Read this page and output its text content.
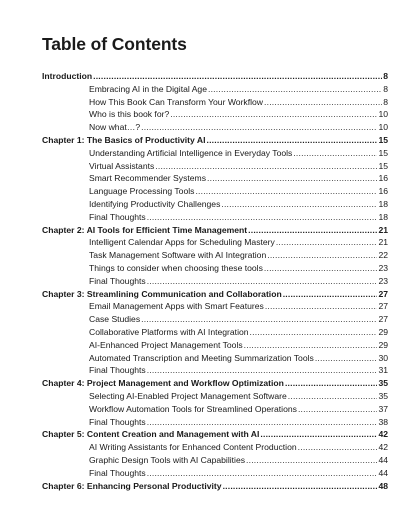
Table of Contents
Introduction .....	8
Embracing AI in the Digital Age .....	8
How This Book Can Transform Your Workflow .....	8
Who is this book for? .....	10
Now what…? .....	10
Chapter 1: The Basics of Productivity AI .....	15
Understanding Artificial Intelligence in Everyday Tools .....	15
Virtual Assistants .....	15
Smart Recommender Systems .....	16
Language Processing Tools .....	16
Identifying Productivity Challenges .....	18
Final Thoughts .....	18
Chapter 2: AI Tools for Efficient Time Management .....	21
Intelligent Calendar Apps for Scheduling Mastery .....	21
Task Management Software with AI Integration .....	22
Things to consider when choosing these tools .....	23
Final Thoughts .....	23
Chapter 3: Streamlining Communication and Collaboration .....	27
Email Management Apps with Smart Features .....	27
Case Studies .....	27
Collaborative Platforms with AI Integration .....	29
AI-Enhanced Project Management Tools .....	29
Automated Transcription and Meeting Summarization Tools .....	30
Final Thoughts .....	31
Chapter 4: Project Management and Workflow Optimization .....	35
Selecting AI-Enabled Project Management Software .....	35
Workflow Automation Tools for Streamlined Operations .....	37
Final Thoughts .....	38
Chapter 5: Content Creation and Management with AI .....	42
AI Writing Assistants for Enhanced Content Production .....	42
Graphic Design Tools with AI Capabilities .....	44
Final Thoughts .....	44
Chapter 6: Enhancing Personal Productivity .....	48
